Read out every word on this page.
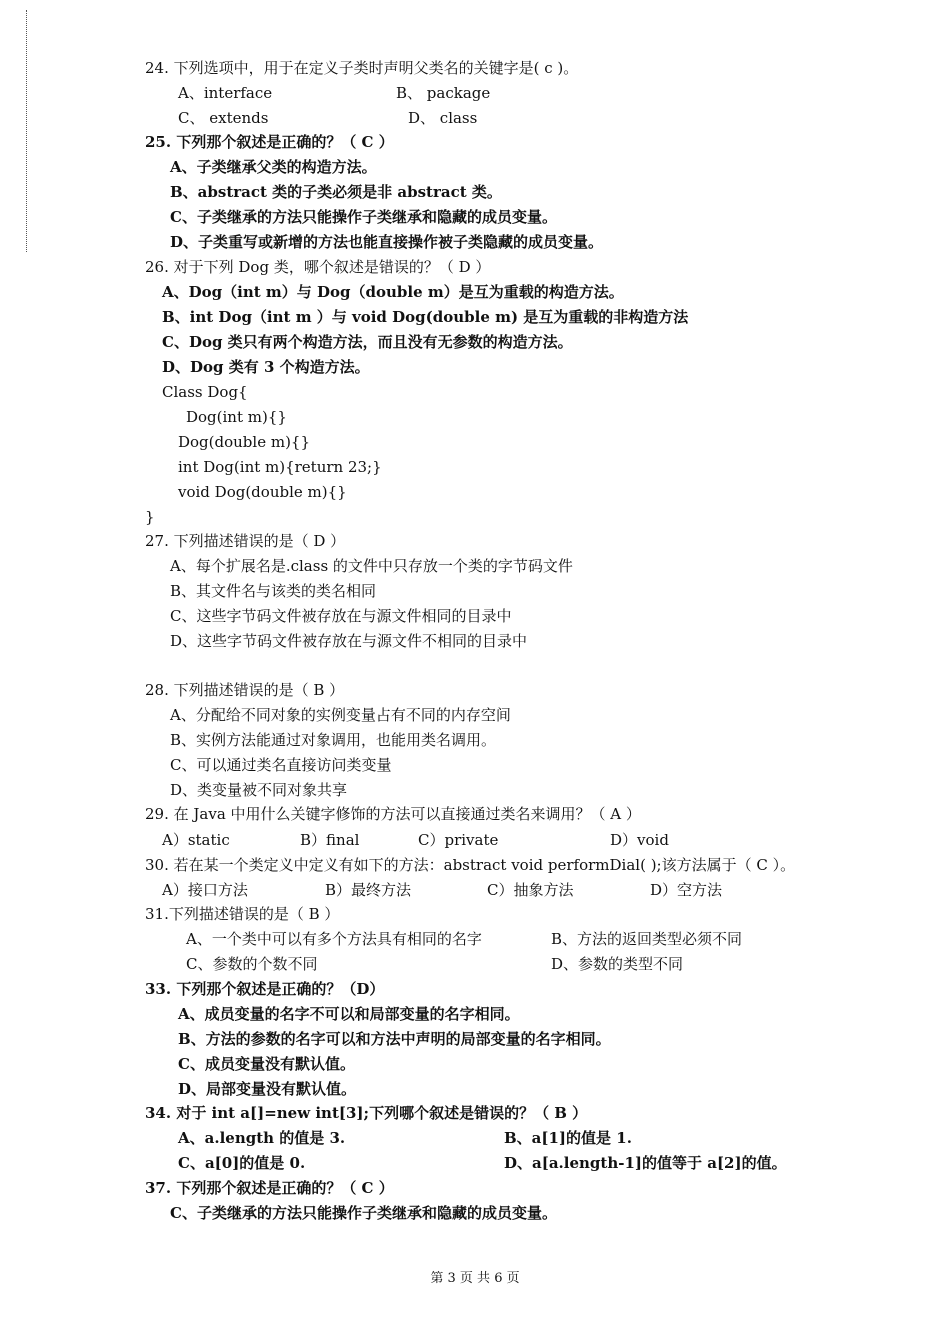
24. 下列选项中，用于在定义子类时声明父类名的关键字是( c )。
A、interface	B、 package
C、 extends	D、 class
25. 下列那个叙述是正确的？（ C ）
A、子类继承父类的构造方法。
B、abstract 类的子类必须是非 abstract 类。
C、子类继承的方法只能操作子类继承和隐藏的成员变量。
D、子类重写或新增的方法也能直接操作被子类隐藏的成员变量。
26. 对于下列 Dog 类，哪个叙述是错误的？（ D ）
A、Dog（int m）与 Dog（double m）是互为重载的构造方法。
B、int Dog（int m ）与 void Dog(double m) 是互为重载的非构造方法
C、Dog 类只有两个构造方法，而且没有无参数的构造方法。
D、Dog 类有 3 个构造方法。
Class Dog{
Dog(int m){}
Dog(double m){}
int Dog(int m){return 23;}
void Dog(double m){}
}
27. 下列描述错误的是（ D ）
A、每个扩展名是.class 的文件中只存放一个类的字节码文件
B、其文件名与该类的类名相同
C、这些字节码文件被存放在与源文件相同的目录中
D、这些字节码文件被存放在与源文件不相同的目录中
28. 下列描述错误的是（ B ）
A、分配给不同对象的实例变量占有不同的内存空间
B、实例方法能通过对象调用，也能用类名调用。
C、可以通过类名直接访问类变量
D、类变量被不同对象共享
29. 在 Java 中用什么关键字修饰的方法可以直接通过类名来调用？（ A ）
A）static	B）final	C）private	D）void
30. 若在某一个类定义中定义有如下的方法：abstract void performDial( );该方法属于（ C ）。
A）接口方法	B）最终方法	C）抽象方法	D）空方法
31.下列描述错误的是（ B ）
A、一个类中可以有多个方法具有相同的名字	B、方法的返回类型必须不同
C、参数的个数不同	D、参数的类型不同
33. 下列那个叙述是正确的？（D）
A、成员变量的名字不可以和局部变量的名字相同。
B、方法的参数的名字可以和方法中声明的局部变量的名字相同。
C、成员变量没有默认值。
D、局部变量没有默认值。
34. 对于 int a[]=new int[3];下列哪个叙述是错误的？（ B ）
A、a.length 的值是 3.	B、a[1]的值是 1.
C、a[0]的值是 0.	D、a[a.length-1]的值等于 a[2]的值。
37. 下列那个叙述是正确的？（ C ）
C、子类继承的方法只能操作子类继承和隐藏的成员变量。
第 3 页 共 6 页
